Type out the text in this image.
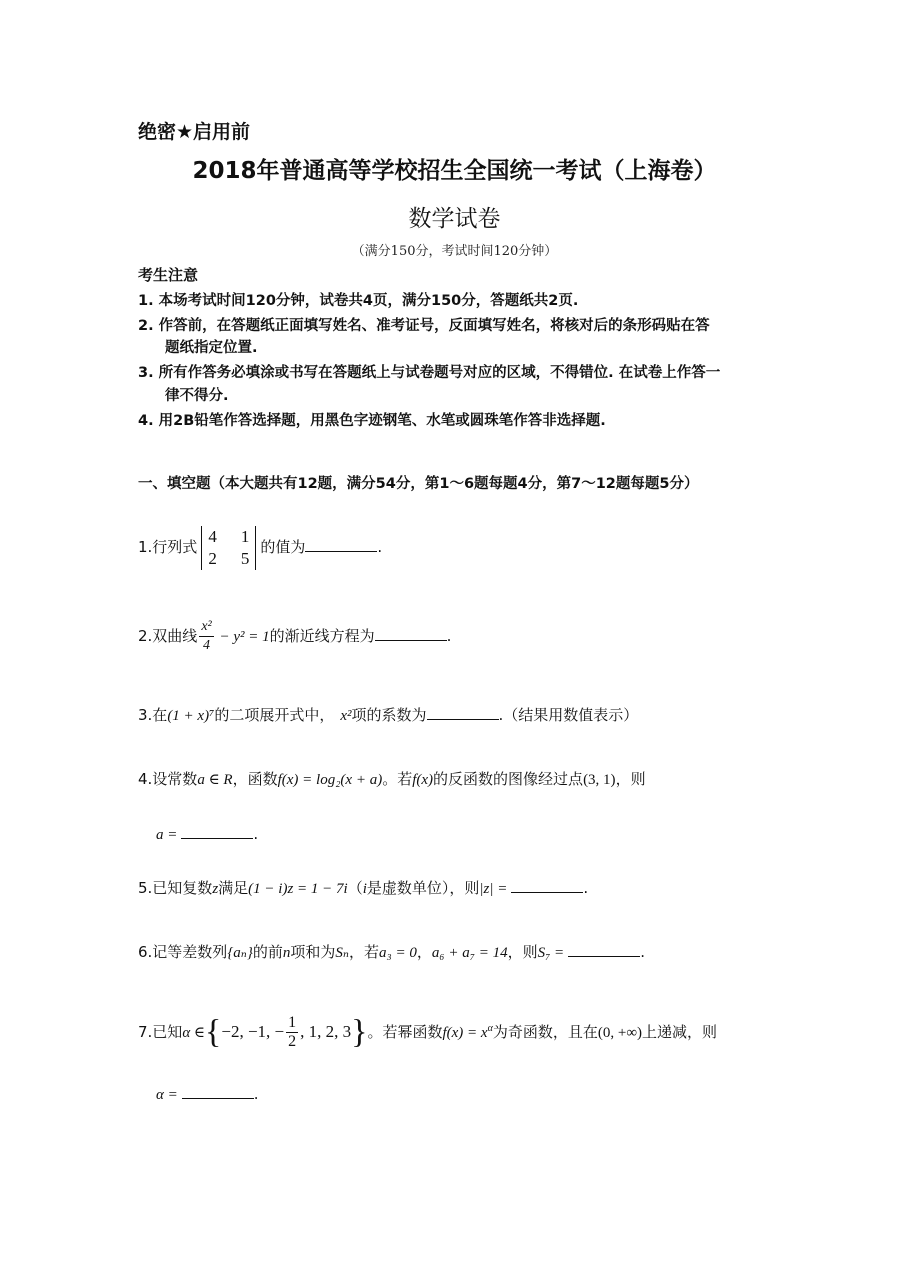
绝密★启用前
2018年普通高等学校招生全国统一考试（上海卷）
数学试卷
（满分150分，考试时间120分钟）
考生注意
1. 本场考试时间120分钟，试卷共4页，满分150分，答题纸共2页.
2. 作答前，在答题纸正面填写姓名、准考证号，反面填写姓名，将核对后的条形码贴在答
题纸指定位置.
3. 所有作答务必填涂或书写在答题纸上与试卷题号对应的区域，不得错位. 在试卷上作答一
律不得分.
4. 用2B铅笔作答选择题，用黑色字迹钢笔、水笔或圆珠笔作答非选择题.
一、填空题（本大题共有12题，满分54分，第1～6题每题4分，第7～12题每题5分）
1.行列式
4	1
2	5
的值为	.
2.双曲线 $\frac{\text{x²}}{4} - y^2 = 1$的渐近线方程为	.
3.在(1 + x)⁷的二项展开式中， x²项的系数为	.（结果用数值表示）
4.设常数a ∈ R，函数f(x) = log₂(x + a)。若f(x)的反函数的图像经过点(3, 1)，则
a =	.
5.已知复数z满足(1 − i)z = 1 − 7i（i是虚数单位），则|z| =	.
6.记等差数列{aₙ}的前n项和为Sₙ，若a₃ = 0，a₆ + a₇ = 14，则S₇ =	.
7.已知α ∈{−2, −1, − $\frac{1}{2}$ , 1, 2, 3}。若幂函数$f(x) = x^\alpha$为奇函数，且在(0, +∞)上递减，则
α =	.
